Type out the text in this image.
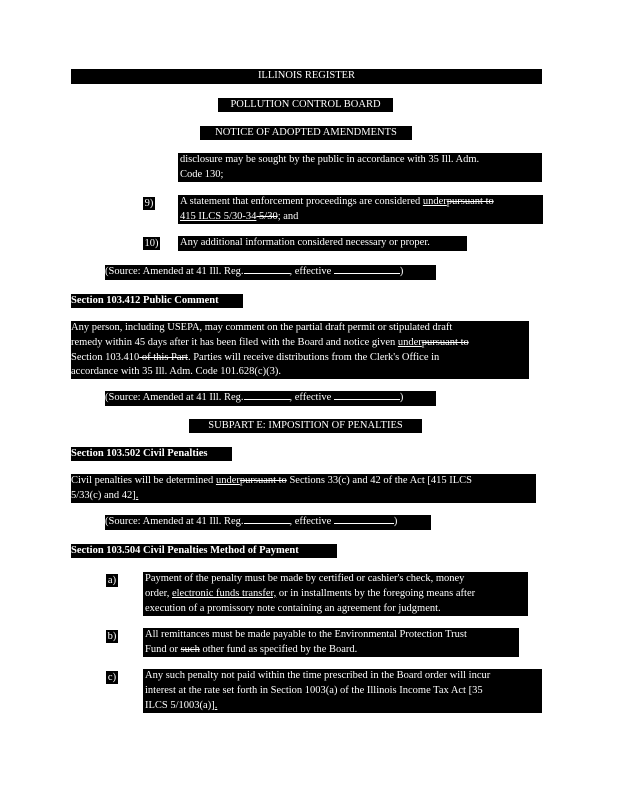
ILLINOIS REGISTER
POLLUTION CONTROL BOARD
NOTICE OF ADOPTED AMENDMENTS
disclosure may be sought by the public in accordance with 35 Ill. Adm.
Code 130;
9)	A statement that enforcement proceedings are considered underpursuant to
415 ILCS 5/30-34 5/30; and
10) Any additional information considered necessary or proper.
(Source: Amended at 41 Ill. Reg.	, effective	)
Section 103.412 Public Comment
Any person, including USEPA, may comment on the partial draft permit or stipulated draft
remedy within 45 days after it has been filed with the Board and notice given underpursuant to
Section 103.410 of this Part. Parties will receive distributions from the Clerk's Office in
accordance with 35 Ill. Adm. Code 101.628(c)(3).
(Source: Amended at 41 Ill. Reg.	, effective	)
SUBPART E: IMPOSITION OF PENALTIES
Section 103.502 Civil Penalties
Civil penalties will be determined underpursuant to Sections 33(c) and 42 of the Act [415 ILCS
5/33(c) and 42].
(Source: Amended at 41 Ill. Reg.	, effective	)
Section 103.504 Civil Penalties Method of Payment
a)	Payment of the penalty must be made by certified or cashier's check, money
order, electronic funds transfer, or in installments by the foregoing means after
execution of a promissory note containing an agreement for judgment.
b)	All remittances must be made payable to the Environmental Protection Trust
Fund or such other fund as specified by the Board.
c)	Any such penalty not paid within the time prescribed in the Board order will incur
interest at the rate set forth in Section 1003(a) of the Illinois Income Tax Act [35
ILCS 5/1003(a)].
